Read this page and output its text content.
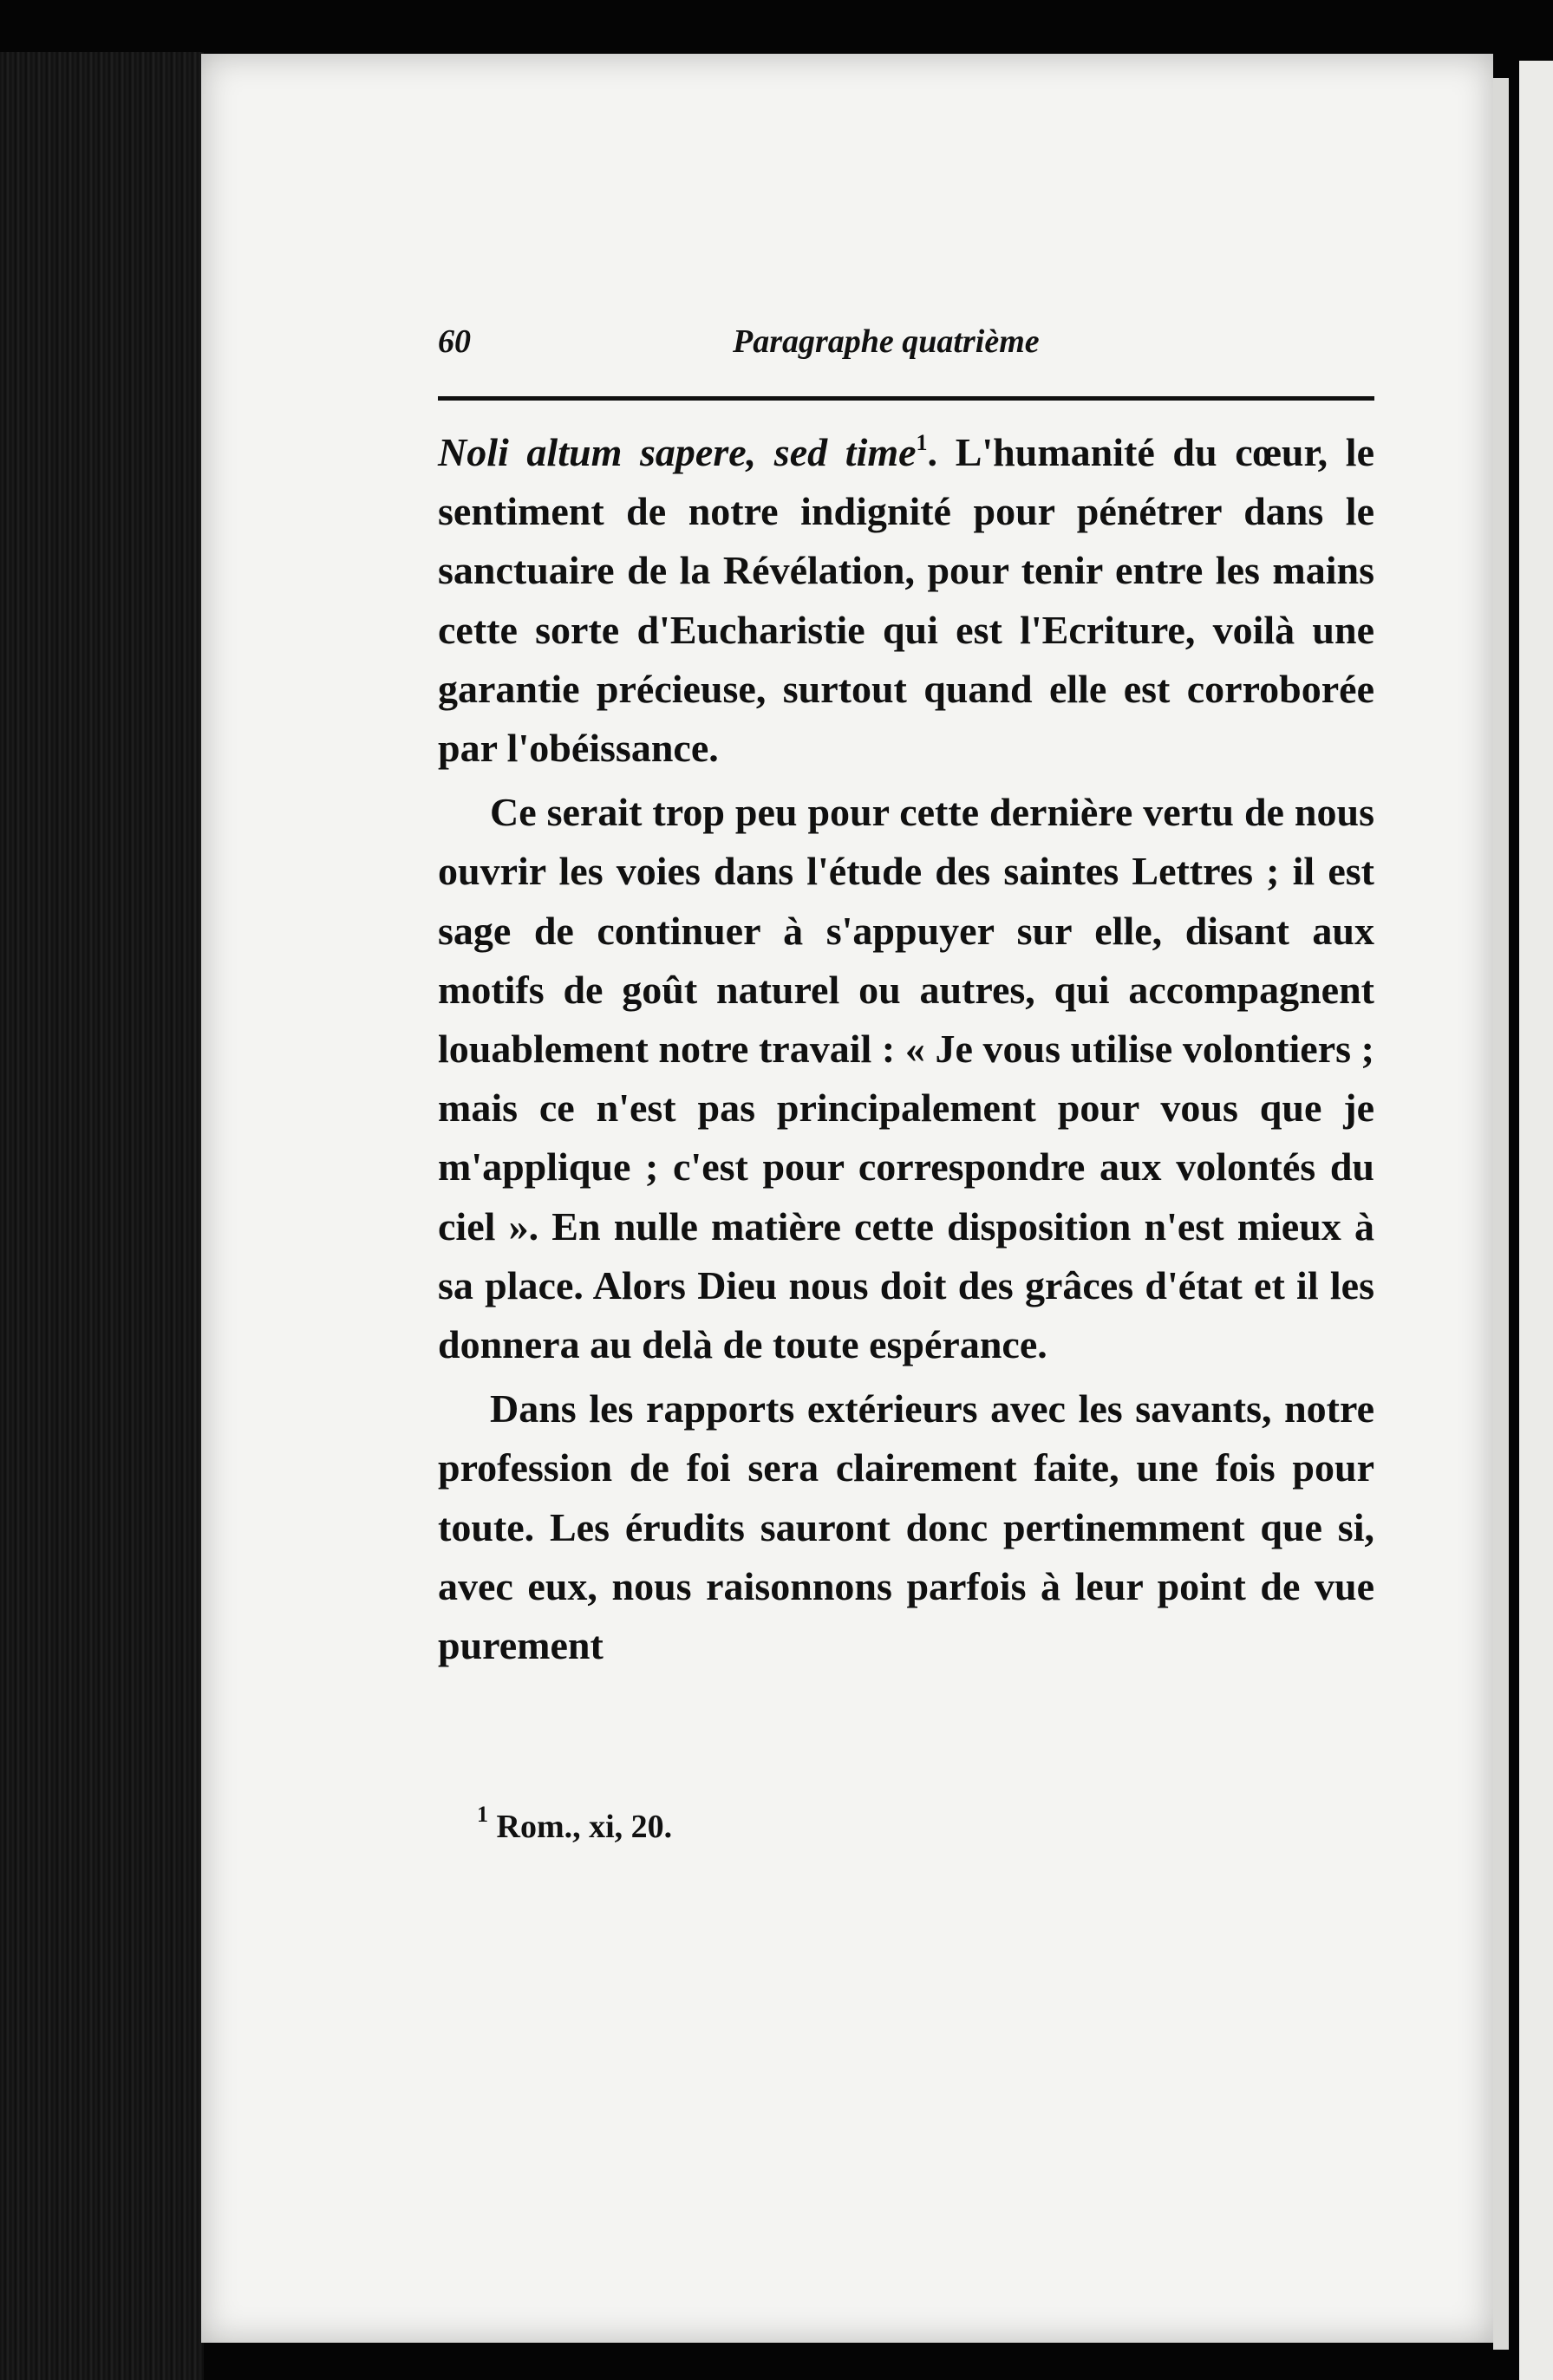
60	Paragraphe quatrième

Noli altum sapere, sed time$^1$. L'humanité du cœur, le sentiment de notre indignité pour pénétrer dans le sanctuaire de la Révélation, pour tenir entre les mains cette sorte d'Eucharistie qui est l'Ecriture, voilà une garantie précieuse, surtout quand elle est corroborée par l'obéissance.

Ce serait trop peu pour cette dernière vertu de nous ouvrir les voies dans l'étude des saintes Lettres ; il est sage de continuer à s'appuyer sur elle, disant aux motifs de goût naturel ou autres, qui accompagnent louablement notre travail : « Je vous utilise volontiers ; mais ce n'est pas principalement pour vous que je m'applique ; c'est pour correspondre aux volontés du ciel ». En nulle matière cette disposition n'est mieux à sa place. Alors Dieu nous doit des grâces d'état et il les donnera au delà de toute espérance.

Dans les rapports extérieurs avec les savants, notre profession de foi sera clairement faite, une fois pour toute. Les érudits sauront donc pertinemment que si, avec eux, nous raisonnons parfois à leur point de vue purement

$^1$ Rom., xi, 20.
